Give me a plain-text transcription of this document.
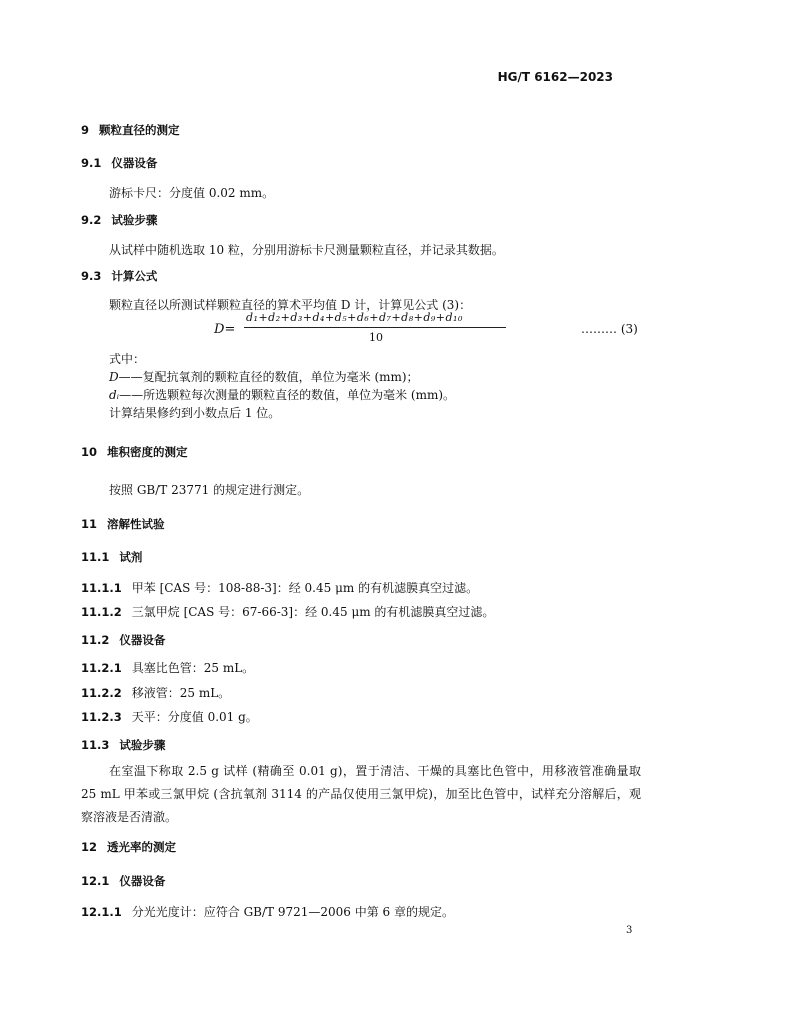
HG/T 6162—2023
9 颗粒直径的测定
9.1 仪器设备
游标卡尺：分度值 0.02 mm。
9.2 试验步骤
从试样中随机选取 10 粒，分别用游标卡尺测量颗粒直径，并记录其数据。
9.3 计算公式
颗粒直径以所测试样颗粒直径的算术平均值 D 计，计算见公式 (3)：
D=
d₁+d₂+d₃+d₄+d₅+d₆+d₇+d₈+d₉+d₁₀
10
……… (3)
式中：
D——复配抗氧剂的颗粒直径的数值，单位为毫米 (mm)；
dᵢ——所选颗粒每次测量的颗粒直径的数值，单位为毫米 (mm)。
计算结果修约到小数点后 1 位。
10 堆积密度的测定
按照 GB/T 23771 的规定进行测定。
11 溶解性试验
11.1 试剂
11.1.1 甲苯 [CAS 号：108-88-3]：经 0.45 μm 的有机滤膜真空过滤。
11.1.2 三氯甲烷 [CAS 号：67-66-3]：经 0.45 μm 的有机滤膜真空过滤。
11.2 仪器设备
11.2.1 具塞比色管：25 mL。
11.2.2 移液管：25 mL。
11.2.3 天平：分度值 0.01 g。
11.3 试验步骤
在室温下称取 2.5 g 试样 (精确至 0.01 g)，置于清洁、干燥的具塞比色管中，用移液管准确量取 25 mL 甲苯或三氯甲烷 (含抗氧剂 3114 的产品仅使用三氯甲烷)，加至比色管中，试样充分溶解后，观察溶液是否清澈。
12 透光率的测定
12.1 仪器设备
12.1.1 分光光度计：应符合 GB/T 9721—2006 中第 6 章的规定。
3
